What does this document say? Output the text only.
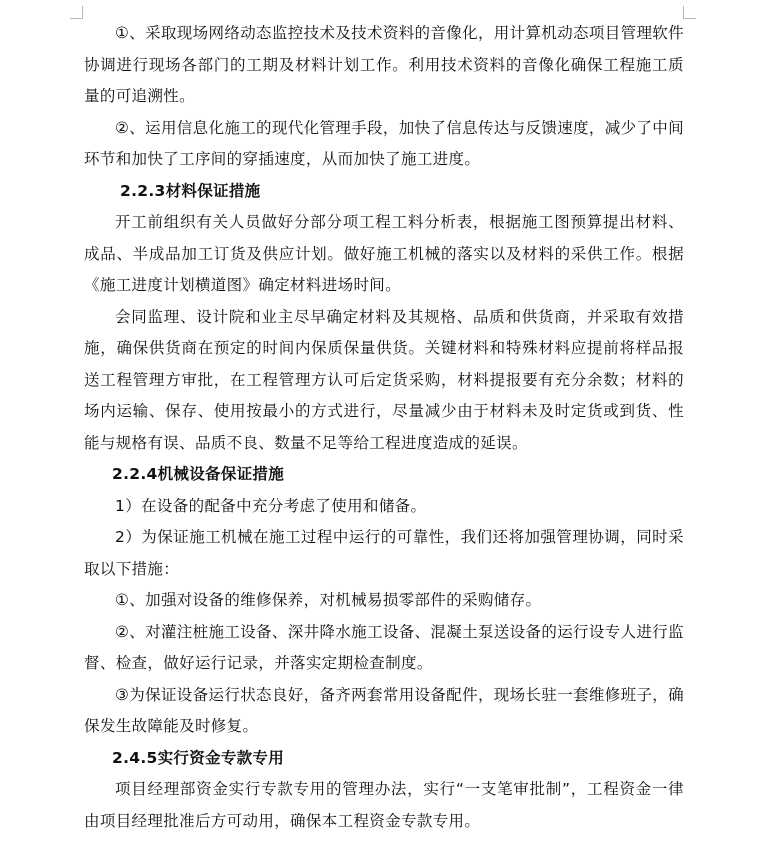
①、采取现场网络动态监控技术及技术资料的音像化，用计算机动态项目管理软件协调进行现场各部门的工期及材料计划工作。利用技术资料的音像化确保工程施工质量的可追溯性。

②、运用信息化施工的现代化管理手段，加快了信息传达与反馈速度，减少了中间环节和加快了工序间的穿插速度，从而加快了施工进度。

2.2.3材料保证措施

开工前组织有关人员做好分部分项工程工料分析表，根据施工图预算提出材料、成品、半成品加工订货及供应计划。做好施工机械的落实以及材料的采供工作。根据《施工进度计划横道图》确定材料进场时间。

会同监理、设计院和业主尽早确定材料及其规格、品质和供货商，并采取有效措施，确保供货商在预定的时间内保质保量供货。关键材料和特殊材料应提前将样品报送工程管理方审批，在工程管理方认可后定货采购，材料提报要有充分余数；材料的场内运输、保存、使用按最小的方式进行，尽量减少由于材料未及时定货或到货、性能与规格有误、品质不良、数量不足等给工程进度造成的延误。

2.2.4机械设备保证措施

1）在设备的配备中充分考虑了使用和储备。

2）为保证施工机械在施工过程中运行的可靠性，我们还将加强管理协调，同时采取以下措施：

①、加强对设备的维修保养，对机械易损零部件的采购储存。

②、对灌注桩施工设备、深井降水施工设备、混凝土泵送设备的运行设专人进行监督、检查，做好运行记录，并落实定期检查制度。

③为保证设备运行状态良好，备齐两套常用设备配件，现场长驻一套维修班子，确保发生故障能及时修复。

2.4.5实行资金专款专用

项目经理部资金实行专款专用的管理办法，实行“一支笔审批制”，工程资金一律由项目经理批准后方可动用，确保本工程资金专款专用。
